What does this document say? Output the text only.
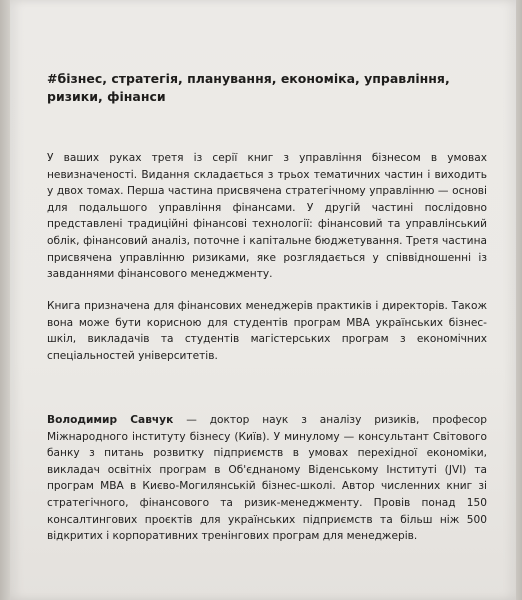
#бізнес, стратегія, планування, економіка, управління, ризики, фінанси

У ваших руках третя із серії книг з управління бізнесом в умовах невизначеності. Видання складається з трьох тематичних частин і виходить у двох томах. Перша частина присвячена стратегічному управлінню — основі для подальшого управління фінансами. У другій частині послідовно представлені традиційні фінансові технології: фінансовий та управлінський облік, фінансовий аналіз, поточне і капітальне бюджетування. Третя частина присвячена управлінню ризиками, яке розглядається у співвідношенні із завданнями фінансового менеджменту.

Книга призначена для фінансових менеджерів практиків і директорів. Також вона може бути корисною для студентів програм МВА українських бізнес-шкіл, викладачів та студентів магістерських програм з економічних спеціальностей університетів.

Володимир Савчук — доктор наук з аналізу ризиків, професор Міжнародного інституту бізнесу (Київ). У минулому — консультант Світового банку з питань розвитку підприємств в умовах перехідної економіки, викладач освітніх програм в Об'єднаному Віденському Інституті (JVI) та програм МВА в Києво-Могилянській бізнес-школі. Автор численних книг зі стратегічного, фінансового та ризик-менеджменту. Провів понад 150 консалтингових проєктів для українських підприємств та більш ніж 500 відкритих і корпоративних тренінгових програм для менеджерів.
